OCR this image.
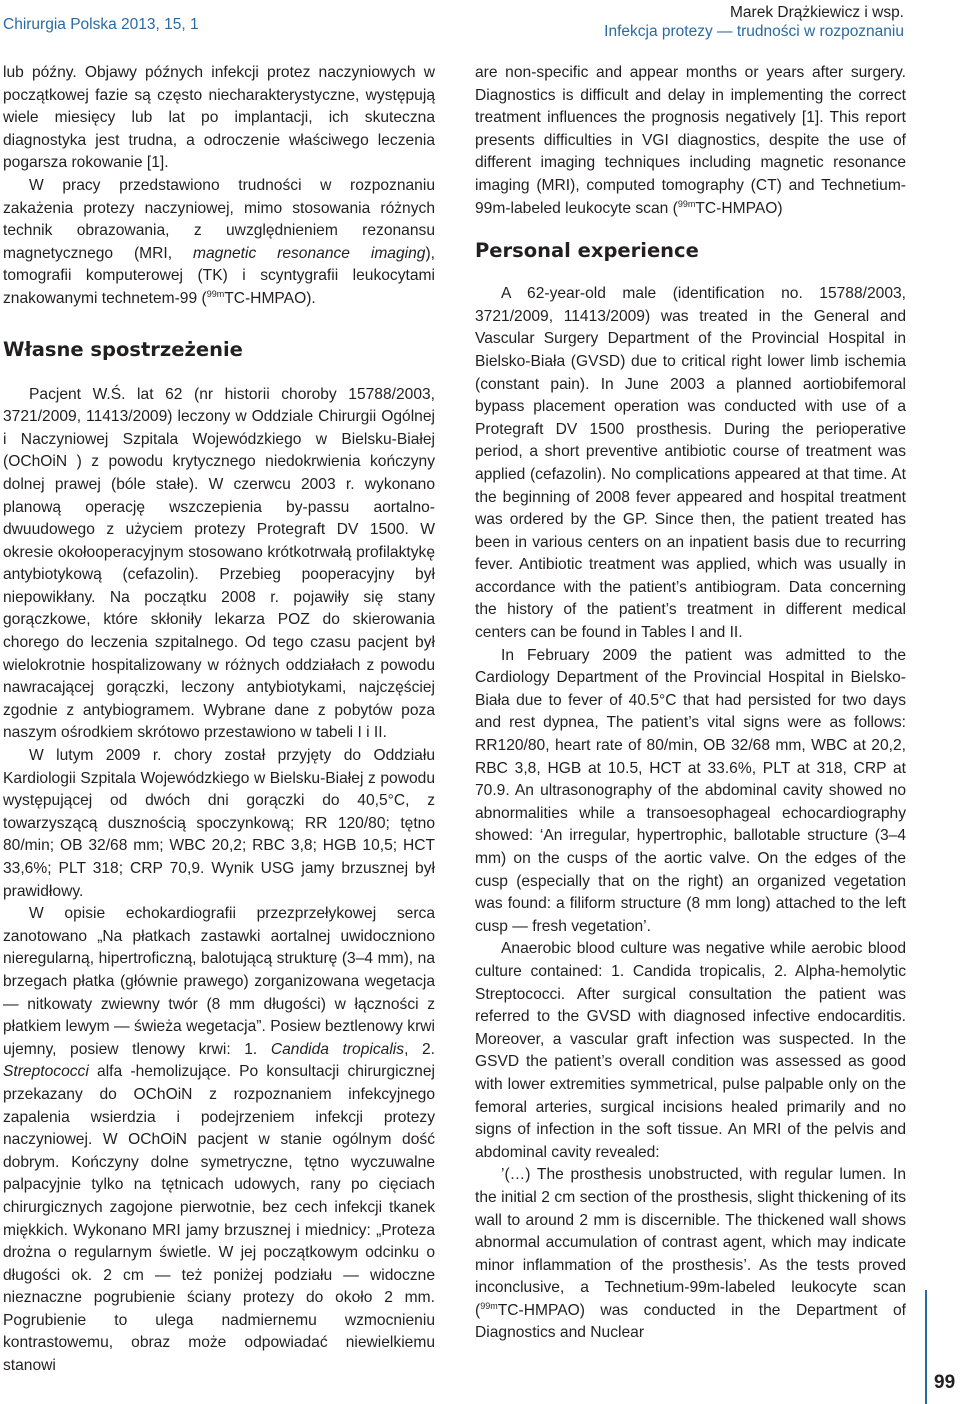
Chirurgia Polska 2013, 15, 1
Marek Drążkiewicz i wsp.
Infekcja protezy — trudności w rozpoznaniu

lub późny. Objawy późnych infekcji protez naczyniowych w początkowej fazie są często niecharakterystyczne, występują wiele miesięcy lub lat po implantacji, ich skuteczna diagnostyka jest trudna, a odroczenie właściwego leczenia pogarsza rokowanie [1].

W pracy przedstawiono trudności w rozpoznaniu zakażenia protezy naczyniowej, mimo stosowania różnych technik obrazowania, z uwzględnieniem rezonansu magnetycznego (MRI, magnetic resonance imaging), tomografii komputerowej (TK) i scyntygrafii leukocytami znakowanymi technetem-99 ($^{99m}$TC-HMPAO).

Własne spostrzeżenie

Pacjent W.Ś. lat 62 (nr historii choroby 15788/2003, 3721/2009, 11413/2009) leczony w Oddziale Chirurgii Ogólnej i Naczyniowej Szpitala Wojewódzkiego w Bielsku-Białej (OChOiN ) z powodu krytycznego niedokrwienia kończyny dolnej prawej (bóle stałe). W czerwcu 2003 r. wykonano planową operację wszczepienia by-passu aortalno-dwuudowego z użyciem protezy Protegraft DV 1500. W okresie okołooperacyjnym stosowano krótkotrwałą profilaktykę antybiotykową (cefazolin). Przebieg pooperacyjny był niepowikłany. Na początku 2008 r. pojawiły się stany gorączkowe, które skłoniły lekarza POZ do skierowania chorego do leczenia szpitalnego. Od tego czasu pacjent był wielokrotnie hospitalizowany w różnych oddziałach z powodu nawracającej gorączki, leczony antybiotykami, najczęściej zgodnie z antybiogramem. Wybrane dane z pobytów poza naszym ośrodkiem skrótowo przestawiono w tabeli I i II.

W lutym 2009 r. chory został przyjęty do Oddziału Kardiologii Szpitala Wojewódzkiego w Bielsku-Białej z powodu występującej od dwóch dni gorączki do 40,5°C, z towarzyszącą dusznością spoczynkową; RR 120/80; tętno 80/min; OB 32/68 mm; WBC 20,2; RBC 3,8; HGB 10,5; HCT 33,6%; PLT 318; CRP 70,9. Wynik USG jamy brzusznej był prawidłowy.

W opisie echokardiografii przezprzełykowej serca zanotowano „Na płatkach zastawki aortalnej uwidoczniono nieregularną, hipertroficzną, balotującą strukturę (3–4 mm), na brzegach płatka (głównie prawego) zorganizowana wegetacja — nitkowaty zwiewny twór (8 mm długości) w łączności z płatkiem lewym — świeża wegetacja”. Posiew beztlenowy krwi ujemny, posiew tlenowy krwi: 1. Candida tropicalis, 2. Streptococci alfa -hemolizujące. Po konsultacji chirurgicznej przekazany do OChOiN z rozpoznaniem infekcyjnego zapalenia wsierdzia i podejrzeniem infekcji protezy naczyniowej. W OChOiN pacjent w stanie ogólnym dość dobrym. Kończyny dolne symetryczne, tętno wyczuwalne palpacyjnie tylko na tętnicach udowych, rany po cięciach chirurgicznych zagojone pierwotnie, bez cech infekcji tkanek miękkich. Wykonano MRI jamy brzusznej i miednicy: „Proteza drożna o regularnym świetle. W jej początkowym odcinku o długości ok. 2 cm — też poniżej podziału — widoczne nieznaczne pogrubienie ściany protezy do około 2 mm. Pogrubienie to ulega nadmiernemu wzmocnieniu kontrastowemu, obraz może odpowiadać niewielkiemu stanowi

are non-specific and appear months or years after surgery. Diagnostics is difficult and delay in implementing the correct treatment influences the prognosis negatively [1]. This report presents difficulties in VGI diagnostics, despite the use of different imaging techniques including magnetic resonance imaging (MRI), computed tomography (CT) and Technetium-99m-labeled leukocyte scan ($^{99m}$TC-HMPAO)

Personal experience

A 62-year-old male (identification no. 15788/2003, 3721/2009, 11413/2009) was treated in the General and Vascular Surgery Department of the Provincial Hospital in Bielsko-Biała (GVSD) due to critical right lower limb ischemia (constant pain). In June 2003 a planned aortiobifemoral bypass placement operation was conducted with use of a Protegraft DV 1500 prosthesis. During the perioperative period, a short preventive antibiotic course of treatment was applied (cefazolin). No complications appeared at that time. At the beginning of 2008 fever appeared and hospital treatment was ordered by the GP. Since then, the patient treated has been in various centers on an inpatient basis due to recurring fever. Antibiotic treatment was applied, which was usually in accordance with the patient’s antibiogram. Data concerning the history of the patient’s treatment in different medical centers can be found in Tables I and II.

In February 2009 the patient was admitted to the Cardiology Department of the Provincial Hospital in Bielsko-Biała due to fever of 40.5°C that had persisted for two days and rest dypnea, The patient’s vital signs were as follows: RR120/80, heart rate of 80/min, OB 32/68 mm, WBC at 20,2, RBC 3,8, HGB at 10.5, HCT at 33.6%, PLT at 318, CRP at 70.9. An ultrasonography of the abdominal cavity showed no abnormalities while a transoesophageal echocardiography showed: ‘An irregular, hypertrophic, ballotable structure (3–4 mm) on the cusps of the aortic valve. On the edges of the cusp (especially that on the right) an organized vegetation was found: a filiform structure (8 mm long) attached to the left cusp — fresh vegetation’.

Anaerobic blood culture was negative while aerobic blood culture contained: 1. Candida tropicalis, 2. Alpha-hemolytic Streptococci. After surgical consultation the patient was referred to the GVSD with diagnosed infective endocarditis. Moreover, a vascular graft infection was suspected. In the GSVD the patient’s overall condition was assessed as good with lower extremities symmetrical, pulse palpable only on the femoral arteries, surgical incisions healed primarily and no signs of infection in the soft tissue. An MRI of the pelvis and abdominal cavity revealed:

’(…) The prosthesis unobstructed, with regular lumen. In the initial 2 cm section of the prosthesis, slight thickening of its wall to around 2 mm is discernible. The thickened wall shows abnormal accumulation of contrast agent, which may indicate minor inflammation of the prosthesis’. As the tests proved inconclusive, a Technetium-99m-labeled leukocyte scan ($^{99m}$TC-HMPAO) was conducted in the Department of Diagnostics and Nuclear

99
